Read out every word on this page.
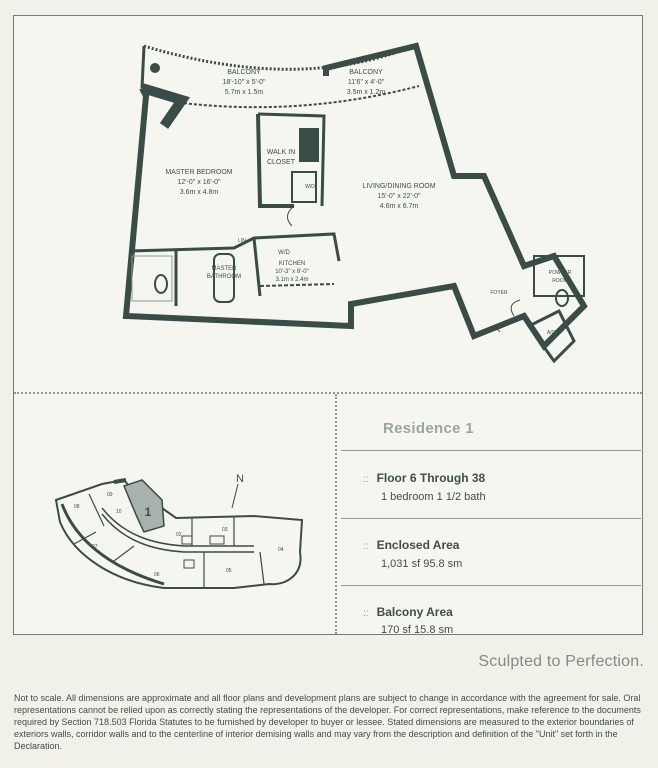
BALCONY
18'-10" x 5'-0"
5.7m x 1.5m
BALCONY
11'6" x 4'-0"
3.5m x 1.2m
MASTER BEDROOM
12'-0" x 16'-0"
3.6m x 4.8m
WALK IN
CLOSET
W/D	LIVING/DINING ROOM
15'-0" x 22'-0"
4.6m x 6.7m
W/D
KITCHEN
10'-3" x 8'-0"
3.1m x 2.4m
MASTER
BATHROOM
LIN
FOYER
POWDER
ROOM
A/C
N
1
08
09
10
02
03
04
05
06
07
Residence 1
:: Floor 6 Through 38
1 bedroom 1 1/2 bath
:: Enclosed Area
1,031 sf 95.8 sm
:: Balcony Area
170 sf 15.8 sm
Sculpted to Perfection.
Not to scale. All dimensions are approximate and all floor plans and development plans are subject to change in accordance with the agreement for sale. Oral representations cannot be relied upon as correctly stating the representations of the developer. For correct representations, make reference to the documents required by Section 718.503 Florida Statutes to be furnished by developer to buyer or lessee. Stated dimensions are measured to the exterior boundaries of exteriors walls, corridor walls and to the centerline of interior demising walls and may vary from the description and definition of the "Unit" set forth in the Declaration.
